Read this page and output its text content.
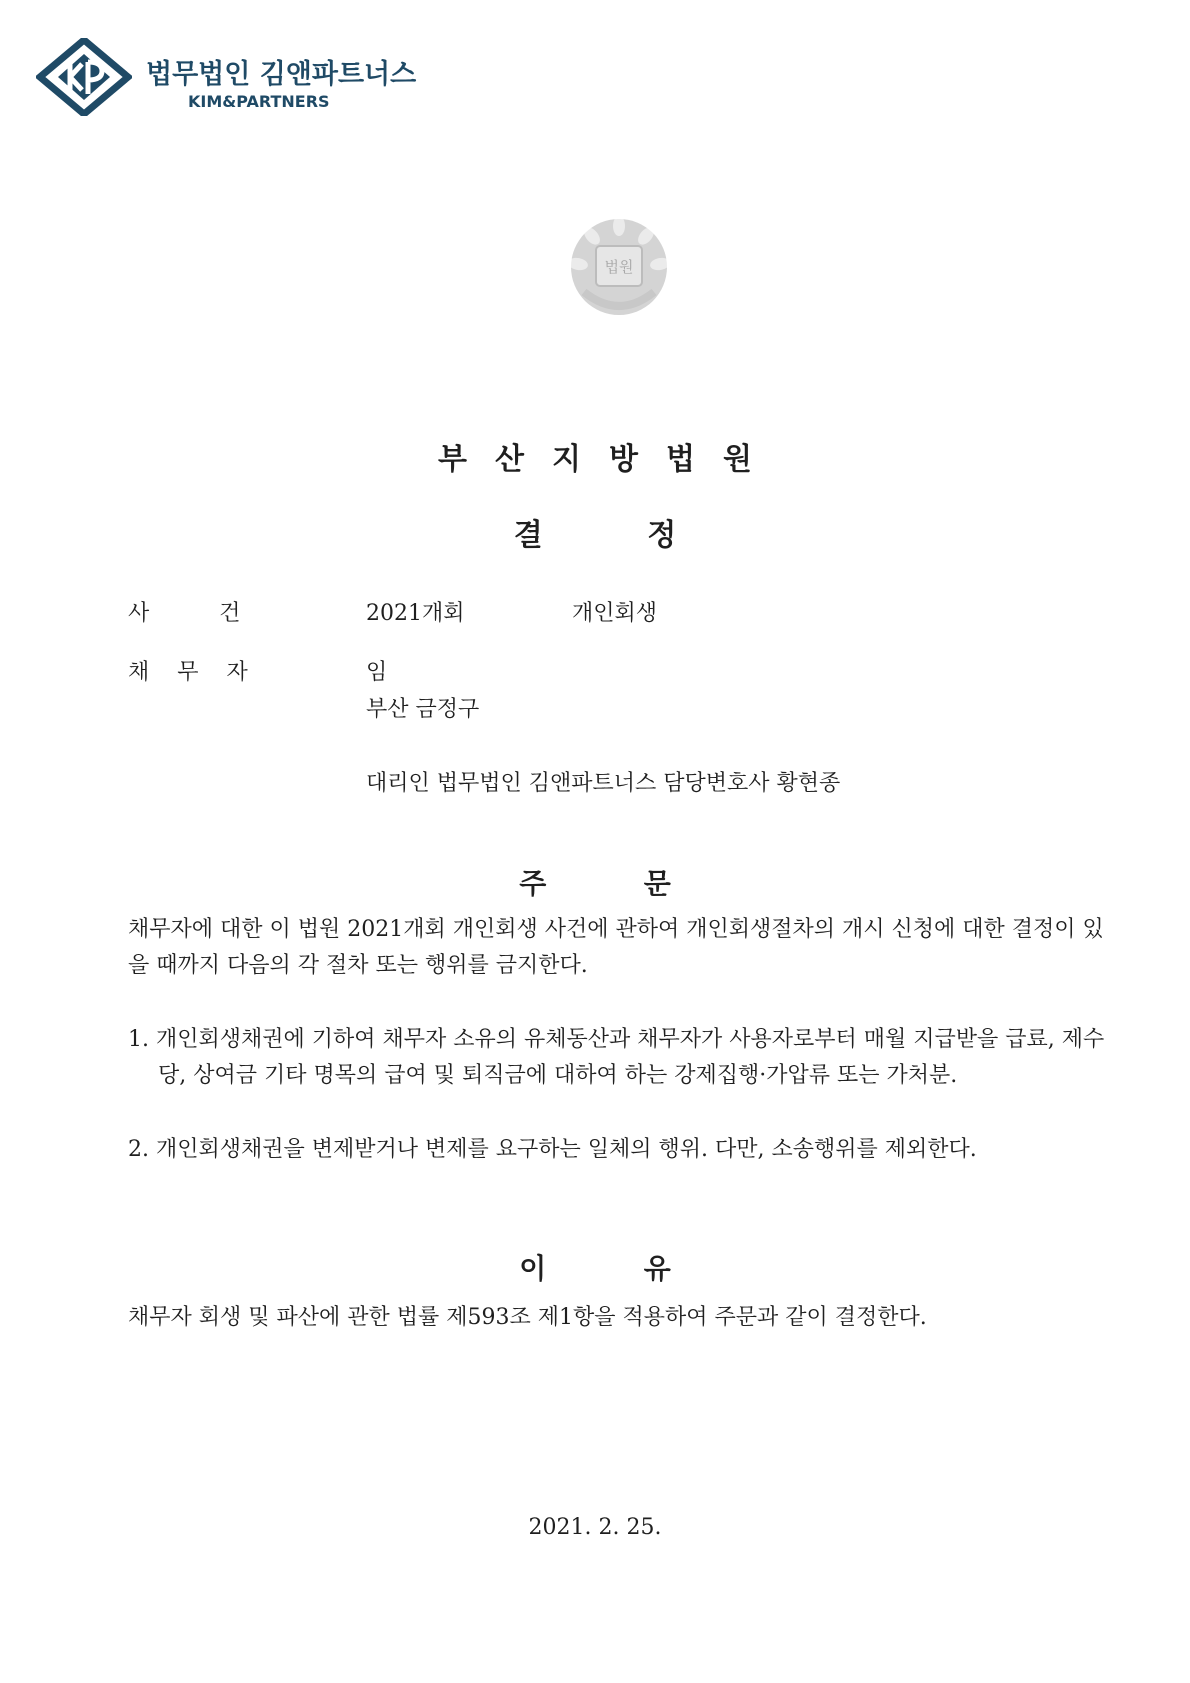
법무법인 김앤파트너스
KIM&PARTNERS
법원
부산지방법원
결          정
사          건	2021개회	개인회생
채    무    자	임
부산 금정구
대리인 법무법인 김앤파트너스 담당변호사 황현종
주          문
채무자에 대한 이 법원 2021개회 개인회생 사건에 관하여 개인회생절차의 개시 신청에 대한 결정이 있을 때까지 다음의 각 절차 또는 행위를 금지한다.
1. 개인회생채권에 기하여 채무자 소유의 유체동산과 채무자가 사용자로부터 매월 지급받을 급료, 제수당, 상여금 기타 명목의 급여 및 퇴직금에 대하여 하는 강제집행·가압류 또는 가처분.
2. 개인회생채권을 변제받거나 변제를 요구하는 일체의 행위. 다만, 소송행위를 제외한다.
이          유
채무자 회생 및 파산에 관한 법률 제593조 제1항을 적용하여 주문과 같이 결정한다.
2021. 2. 25.
